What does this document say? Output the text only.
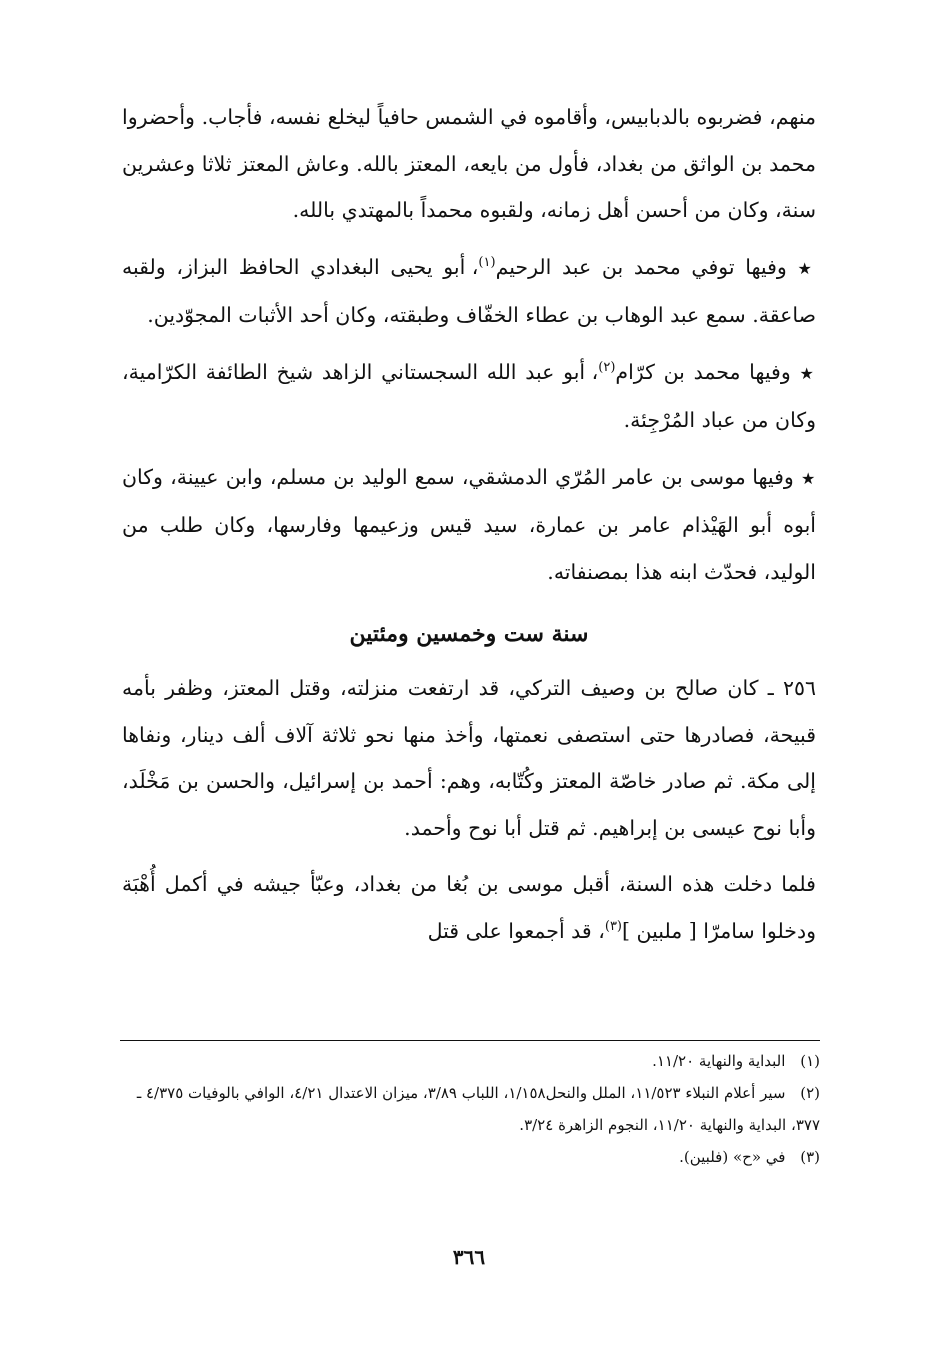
منهم، فضربوه بالدبابيس، وأقاموه في الشمس حافياً ليخلع نفسه، فأجاب. وأحضروا محمد بن الواثق من بغداد، فأول من بايعه، المعتز بالله. وعاش المعتز ثلاثا وعشرين سنة، وكان من أحسن أهل زمانه، ولقبوه محمداً بالمهتدي بالله.

★ وفيها توفي محمد بن عبد الرحيم$^{(١)}$، أبو يحيى البغدادي الحافظ البزاز، ولقبه صاعقة. سمع عبد الوهاب بن عطاء الخفّاف وطبقته، وكان أحد الأثبات المجوّدين.

★ وفيها محمد بن كرّام$^{(٢)}$، أبو عبد الله السجستاني الزاهد شيخ الطائفة الكرّامية، وكان من عباد المُرْجِئة.

★ وفيها موسى بن عامر المُرّي الدمشقي، سمع الوليد بن مسلم، وابن عيينة، وكان أبوه أبو الهَيْذام عامر بن عمارة، سيد قيس وزعيمها وفارسها، وكان طلب من الوليد، فحدّث ابنه هذا بمصنفاته.

سنة ست وخمسين ومئتين

٢٥٦ ـ كان صالح بن وصيف التركي، قد ارتفعت منزلته، وقتل المعتز، وظفر بأمه قبيحة، فصادرها حتى استصفى نعمتها، وأخذ منها نحو ثلاثة آلاف ألف دينار، ونفاها إلى مكة. ثم صادر خاصّة المعتز وكُتّابه، وهم: أحمد بن إسرائيل، والحسن بن مَخْلَد، وأبا نوح عيسى بن إبراهيم. ثم قتل أبا نوح وأحمد.

فلما دخلت هذه السنة، أقبل موسى بن بُغا من بغداد، وعبّأ جيشه في أكمل أُهْبَة ودخلوا سامرّا [ ملبين ]$^{(٣)}$، قد أجمعوا على قتل

(١) البداية والنهاية ١١/٢٠.

(٢) سير أعلام النبلاء ١١/٥٢٣، الملل والنحل١/١٥٨، اللباب ٣/٨٩، ميزان الاعتدال ٤/٢١، الوافي بالوفيات ٤/٣٧٥ ـ ٣٧٧، البداية والنهاية ١١/٢٠، النجوم الزاهرة ٣/٢٤.

(٣) في «ح» (فلبين).

٣٦٦
